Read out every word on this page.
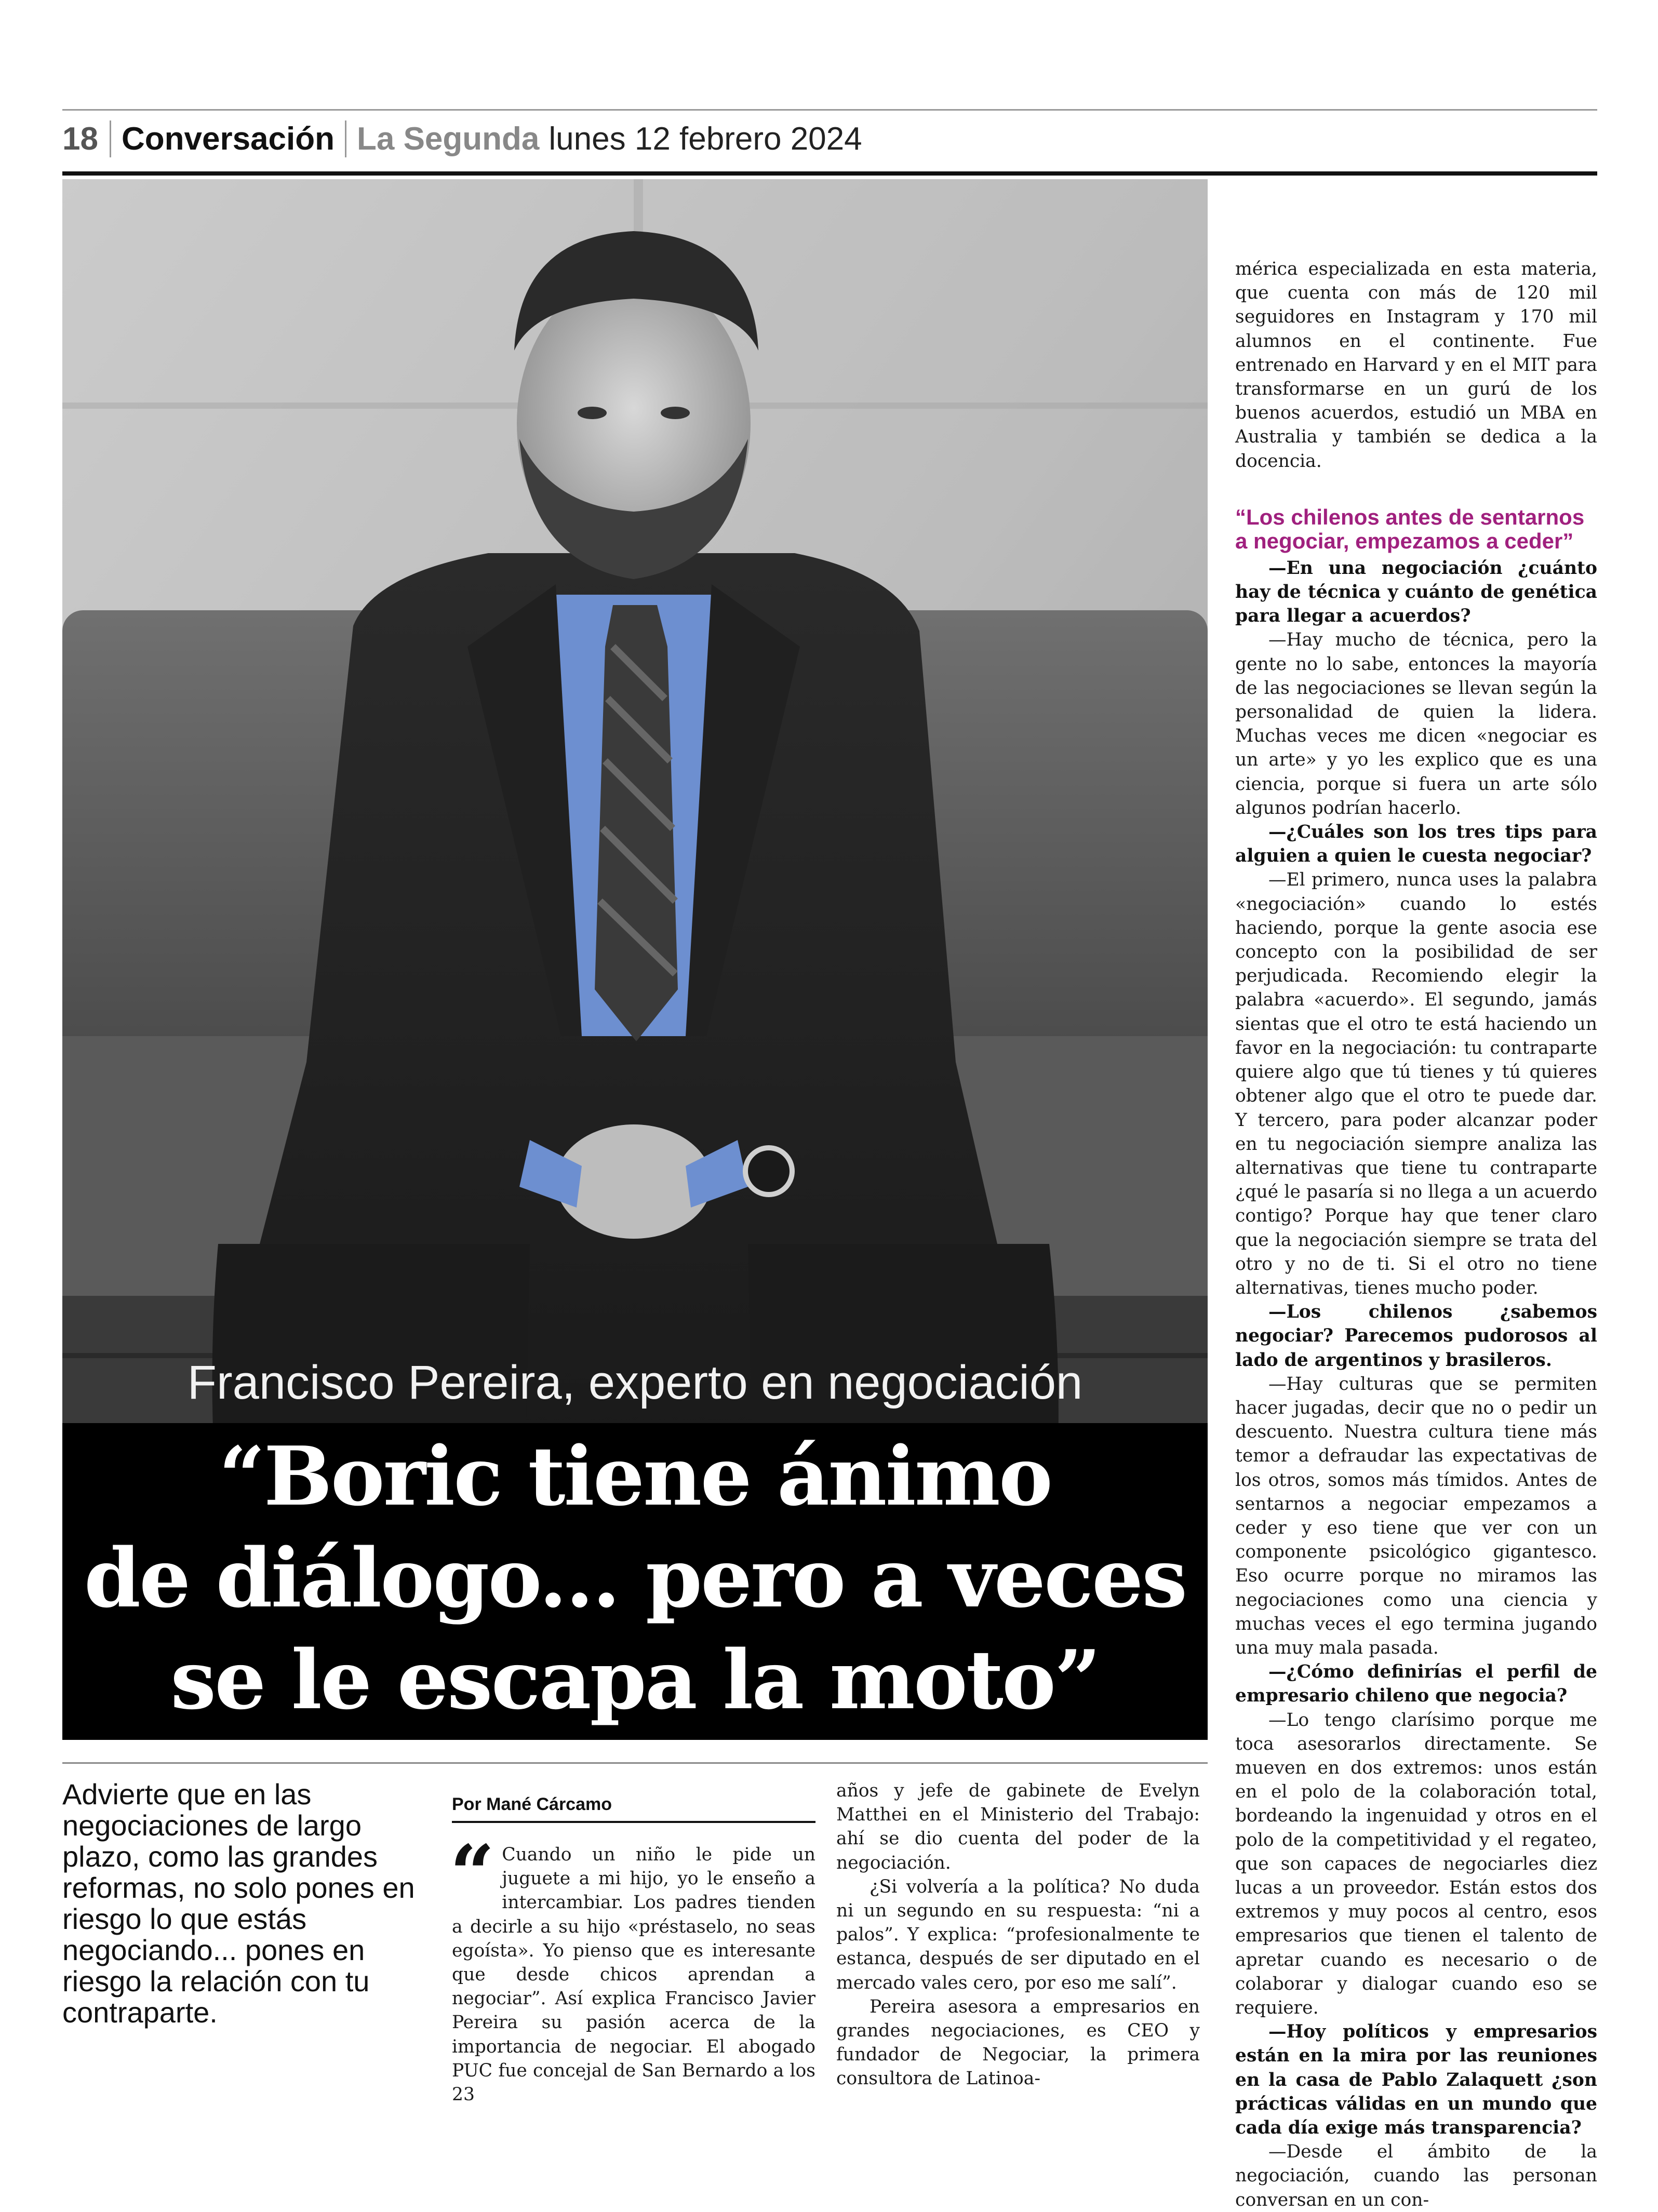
18 Conversación La Segunda lunes 12 febrero 2024
Francisco Pereira, experto en negociación
“Boric tiene ánimo
de diálogo... pero a veces
se le escapa la moto”
Advierte que en las negociaciones de largo plazo, como las grandes reformas, no solo pones en riesgo lo que estás negociando... pones en riesgo la relación con tu contraparte.
Por Mané Cárcamo

“ Cuando un niño le pide un juguete a mi hijo, yo le enseño a intercambiar. Los padres tienden a decirle a su hijo «préstaselo, no seas egoísta». Yo pienso que es interesante que desde chicos aprendan a negociar”. Así explica Francisco Javier Pereira su pasión acerca de la importancia de negociar. El abogado PUC fue concejal de San Bernardo a los 23

años y jefe de gabinete de Evelyn Matthei en el Ministerio del Trabajo: ahí se dio cuenta del poder de la negociación.

¿Si volvería a la política? No duda ni un segundo en su respuesta: “ni a palos”. Y explica: “profesionalmente te estanca, después de ser diputado en el mercado vales cero, por eso me salí”.

Pereira asesora a empresarios en grandes negociaciones, es CEO y fundador de Negociar, la primera consultora de Latinoa-

mérica especializada en esta materia, que cuenta con más de 120 mil seguidores en Instagram y 170 mil alumnos en el continente. Fue entrenado en Harvard y en el MIT para transformarse en un gurú de los buenos acuerdos, estudió un MBA en Australia y también se dedica a la docencia.

“Los chilenos antes de sentarnos a negociar, empezamos a ceder”

—En una negociación ¿cuánto hay de técnica y cuánto de genética para llegar a acuerdos?

—Hay mucho de técnica, pero la gente no lo sabe, entonces la mayoría de las negociaciones se llevan según la personalidad de quien la lidera. Muchas veces me dicen «negociar es un arte» y yo les explico que es una ciencia, porque si fuera un arte sólo algunos podrían hacerlo.

—¿Cuáles son los tres tips para alguien a quien le cuesta negociar?

—El primero, nunca uses la palabra «negociación» cuando lo estés haciendo, porque la gente asocia ese concepto con la posibilidad de ser perjudicada. Recomiendo elegir la palabra «acuerdo». El segundo, jamás sientas que el otro te está haciendo un favor en la negociación: tu contraparte quiere algo que tú tienes y tú quieres obtener algo que el otro te puede dar. Y tercero, para poder alcanzar poder en tu negociación siempre analiza las alternativas que tiene tu contraparte ¿qué le pasaría si no llega a un acuerdo contigo? Porque hay que tener claro que la negociación siempre se trata del otro y no de ti. Si el otro no tiene alternativas, tienes mucho poder.

—Los chilenos ¿sabemos negociar? Parecemos pudorosos al lado de argentinos y brasileros.

—Hay culturas que se permiten hacer jugadas, decir que no o pedir un descuento. Nuestra cultura tiene más temor a defraudar las expectativas de los otros, somos más tímidos. Antes de sentarnos a negociar empezamos a ceder y eso tiene que ver con un componente psicológico gigantesco. Eso ocurre porque no miramos las negociaciones como una ciencia y muchas veces el ego termina jugando una muy mala pasada.

—¿Cómo definirías el perfil de empresario chileno que negocia?

—Lo tengo clarísimo porque me toca asesorarlos directamente. Se mueven en dos extremos: unos están en el polo de la colaboración total, bordeando la ingenuidad y otros en el polo de la competitividad y el regateo, que son capaces de negociarles diez lucas a un proveedor. Están estos dos extremos y muy pocos al centro, esos empresarios que tienen el talento de apretar cuando es necesario o de colaborar y dialogar cuando eso se requiere.

—Hoy políticos y empresarios están en la mira por las reuniones en la casa de Pablo Zalaquett ¿son prácticas válidas en un mundo que cada día exige más transparencia?

—Desde el ámbito de la negociación, cuando las personan conversan en un con-
